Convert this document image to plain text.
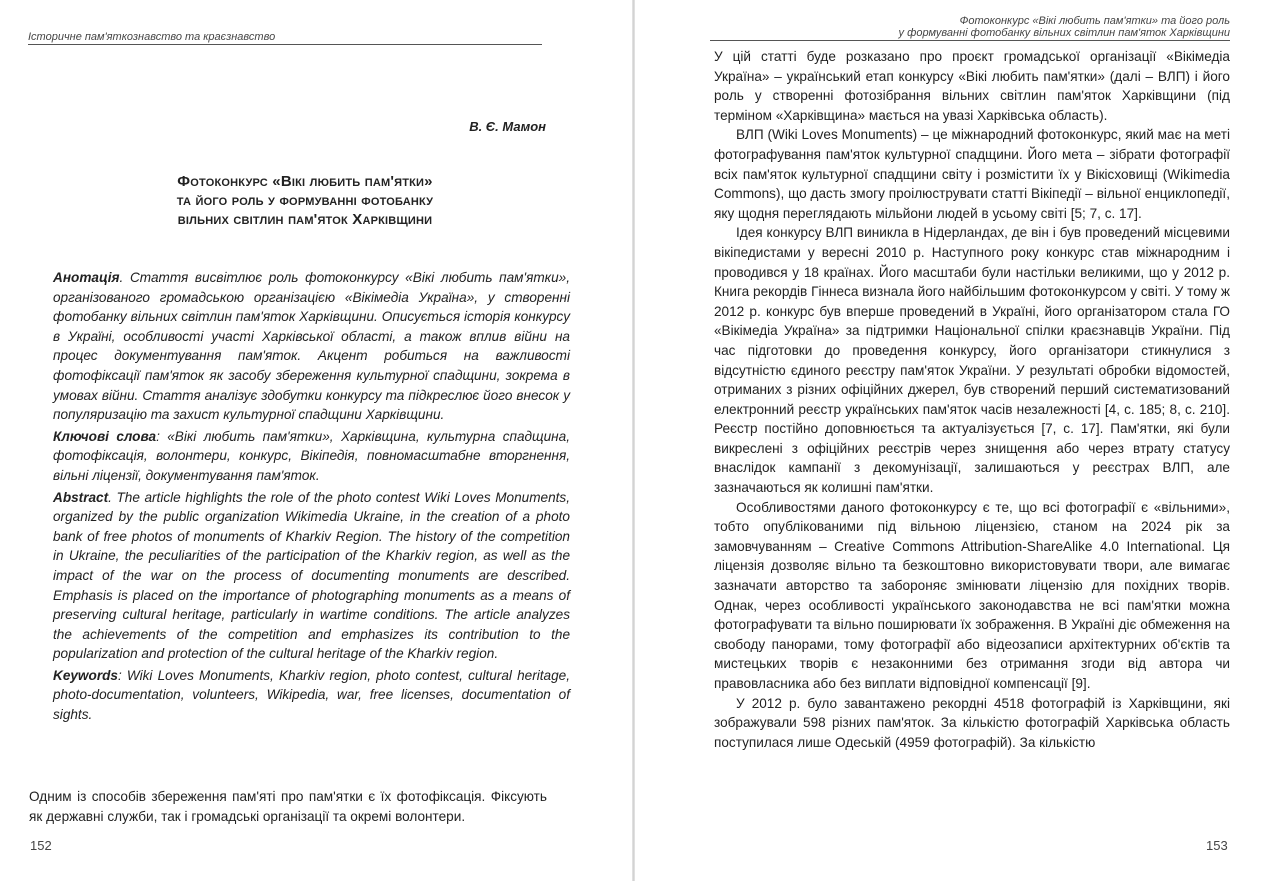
Історичне пам'яткознавство та краєзнавство
В. Є. Мамон
Фотоконкурс «Вікі любить пам'ятки»
та його роль у формуванні фотобанку
вільних світлин пам'яток Харківщини

Анотація. Стаття висвітлює роль фотоконкурсу «Вікі любить пам'ятки», організованого громадською організацією «Вікімедіа Україна», у створенні фотобанку вільних світлин пам'яток Харківщини. Описується історія конкурсу в Україні, особливості участі Харківської області, а також вплив війни на процес документування пам'яток. Акцент робиться на важливості фотофіксації пам'яток як засобу збереження культурної спадщини, зокрема в умовах війни. Стаття аналізує здобутки конкурсу та підкреслює його внесок у популяризацію та захист культурної спадщини Харківщини.

Ключові слова: «Вікі любить пам'ятки», Харківщина, культурна спадщина, фотофіксація, волонтери, конкурс, Вікіпедія, повномасштабне вторгнення, вільні ліцензії, документування пам'яток.

Abstract. The article highlights the role of the photo contest Wiki Loves Monuments, organized by the public organization Wikimedia Ukraine, in the creation of a photo bank of free photos of monuments of Kharkiv Region. The history of the competition in Ukraine, the peculiarities of the participation of the Kharkiv region, as well as the impact of the war on the process of documenting monuments are described. Emphasis is placed on the importance of photographing monuments as a means of preserving cultural heritage, particularly in wartime conditions. The article analyzes the achievements of the competition and emphasizes its contribution to the popularization and protection of the cultural heritage of the Kharkiv region.

Keywords: Wiki Loves Monuments, Kharkiv region, photo contest, cultural heritage, photo-documentation, volunteers, Wikipedia, war, free licenses, documentation of sights.

Одним із способів збереження пам'яті про пам'ятки є їх фотофіксація. Фіксують як державні служби, так і громадські організації та окремі волонтери.

152
Фотоконкурс «Вікі любить пам'ятки» та його роль
у формуванні фотобанку вільних світлин пам'яток Харківщини

У цій статті буде розказано про проєкт громадської організації «Вікімедіа Україна» – український етап конкурсу «Вікі любить пам'ятки» (далі – ВЛП) і його роль у створенні фотозібрання вільних світлин пам'яток Харківщини (під терміном «Харківщина» мається на увазі Харківська область).

ВЛП (Wiki Loves Monuments) – це міжнародний фотоконкурс, який має на меті фотографування пам'яток культурної спадщини. Його мета – зібрати фотографії всіх пам'яток культурної спадщини світу і розмістити їх у Вікісховищі (Wikimedia Commons), що дасть змогу проілюструвати статті Вікіпедії – вільної енциклопедії, яку щодня переглядають мільйони людей в усьому світі [5; 7, с. 17].

Ідея конкурсу ВЛП виникла в Нідерландах, де він і був проведений місцевими вікіпедистами у вересні 2010 р. Наступного року конкурс став міжнародним і проводився у 18 країнах. Його масштаби були настільки великими, що у 2012 р. Книга рекордів Гіннеса визнала його найбільшим фотоконкурсом у світі. У тому ж 2012 р. конкурс був вперше проведений в Україні, його організатором стала ГО «Вікімедіа Україна» за підтримки Національної спілки краєзнавців України. Під час підготовки до проведення конкурсу, його організатори стикнулися з відсутністю єдиного реєстру пам'яток України. У результаті обробки відомостей, отриманих з різних офіційних джерел, був створений перший систематизований електронний реєстр українських пам'яток часів незалежності [4, с. 185; 8, с. 210]. Реєстр постійно доповнюється та актуалізується [7, с. 17]. Пам'ятки, які були викреслені з офіційних реєстрів через знищення або через втрату статусу внаслідок кампанії з декомунізації, залишаються у реєстрах ВЛП, але зазначаються як колишні пам'ятки.

Особливостями даного фотоконкурсу є те, що всі фотографії є «вільними», тобто опублікованими під вільною ліцензією, станом на 2024 рік за замовчуванням – Creative Commons Attribution-ShareAlike 4.0 International. Ця ліцензія дозволяє вільно та безкоштовно використовувати твори, але вимагає зазначати авторство та забороняє змінювати ліцензію для похідних творів. Однак, через особливості українського законодавства не всі пам'ятки можна фотографувати та вільно поширювати їх зображення. В Україні діє обмеження на свободу панорами, тому фотографії або відеозаписи архітектурних об'єктів та мистецьких творів є незаконними без отримання згоди від автора чи правовласника або без виплати відповідної компенсації [9].

У 2012 р. було завантажено рекордні 4518 фотографій із Харківщини, які зображували 598 різних пам'яток. За кількістю фотографій Харківська область поступилася лише Одеській (4959 фотографій). За кількістю

153
